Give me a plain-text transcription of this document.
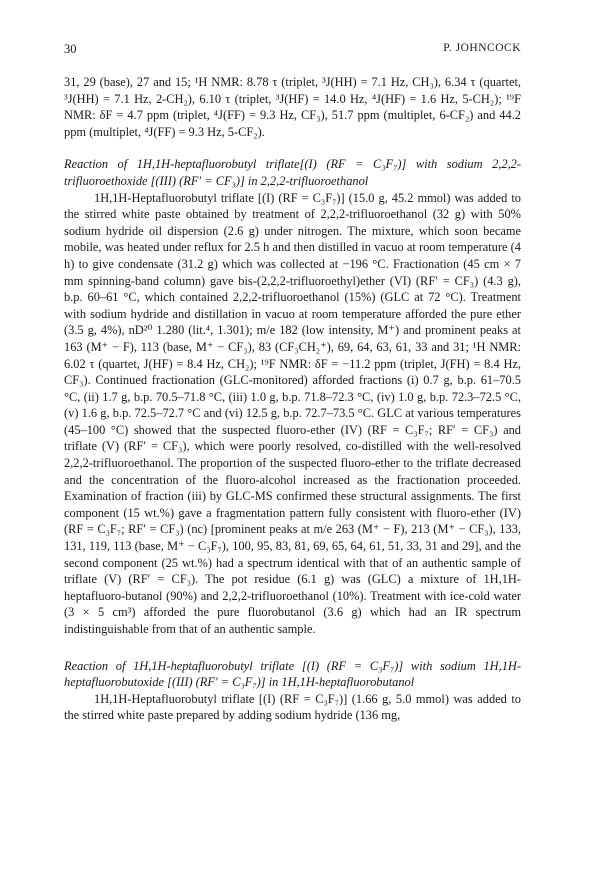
30	P. JOHNCOCK

31, 29 (base), 27 and 15; ¹H NMR: 8.78 τ (triplet, ³J(HH) = 7.1 Hz, CH₃), 6.34 τ (quartet, ³J(HH) = 7.1 Hz, 2-CH₂), 6.10 τ (triplet, ³J(HF) = 14.0 Hz, ⁴J(HF) = 1.6 Hz, 5-CH₂); ¹⁹F NMR: δF = 4.7 ppm (triplet, ⁴J(FF) = 9.3 Hz, CF₃), 51.7 ppm (multiplet, 6-CF₂) and 44.2 ppm (multiplet, ⁴J(FF) = 9.3 Hz, 5-CF₂).

Reaction of 1H,1H-heptafluorobutyl triflate[(I) (RF = C₃F₇)] with sodium 2,2,2-trifluoroethoxide [(III) (RF′ = CF₃)] in 2,2,2-trifluoroethanol

1H,1H-Heptafluorobutyl triflate [(I) (RF = C₃F₇)] (15.0 g, 45.2 mmol) was added to the stirred white paste obtained by treatment of 2,2,2-trifluoroethanol (32 g) with 50% sodium hydride oil dispersion (2.6 g) under nitrogen. The mixture, which soon became mobile, was heated under reflux for 2.5 h and then distilled in vacuo at room temperature (4 h) to give condensate (31.2 g) which was collected at −196 °C. Fractionation (45 cm × 7 mm spinning-band column) gave bis-(2,2,2-trifluoroethyl)ether (VI) (RF′ = CF₃) (4.3 g), b.p. 60–61 °C, which contained 2,2,2-trifluoroethanol (15%) (GLC at 72 °C). Treatment with sodium hydride and distillation in vacuo at room temperature afforded the pure ether (3.5 g, 4%), nD²⁰ 1.280 (lit.⁴, 1.301); m/e 182 (low intensity, M⁺) and prominent peaks at 163 (M⁺ − F), 113 (base, M⁺ − CF₃), 83 (CF₃CH₂⁺), 69, 64, 63, 61, 33 and 31; ¹H NMR: 6.02 τ (quartet, J(HF) = 8.4 Hz, CH₂); ¹⁹F NMR: δF = −11.2 ppm (triplet, J(FH) = 8.4 Hz, CF₃). Continued fractionation (GLC-monitored) afforded fractions (i) 0.7 g, b.p. 61–70.5 °C, (ii) 1.7 g, b.p. 70.5–71.8 °C, (iii) 1.0 g, b.p. 71.8–72.3 °C, (iv) 1.0 g, b.p. 72.3–72.5 °C, (v) 1.6 g, b.p. 72.5–72.7 °C and (vi) 12.5 g, b.p. 72.7–73.5 °C. GLC at various temperatures (45–100 °C) showed that the suspected fluoro-ether (IV) (RF = C₃F₇; RF′ = CF₃) and triflate (V) (RF′ = CF₃), which were poorly resolved, co-distilled with the well-resolved 2,2,2-trifluoroethanol. The proportion of the suspected fluoro-ether to the triflate decreased and the concentration of the fluoro-alcohol increased as the fractionation proceeded. Examination of fraction (iii) by GLC-MS confirmed these structural assignments. The first component (15 wt.%) gave a fragmentation pattern fully consistent with fluoro-ether (IV) (RF = C₃F₇; RF′ = CF₃) (nc) [prominent peaks at m/e 263 (M⁺ − F), 213 (M⁺ − CF₃), 133, 131, 119, 113 (base, M⁺ − C₃F₇), 100, 95, 83, 81, 69, 65, 64, 61, 51, 33, 31 and 29], and the second component (25 wt.%) had a spectrum identical with that of an authentic sample of triflate (V) (RF′ = CF₃). The pot residue (6.1 g) was (GLC) a mixture of 1H,1H-heptafluoro-butanol (90%) and 2,2,2-trifluoroethanol (10%). Treatment with ice-cold water (3 × 5 cm³) afforded the pure fluorobutanol (3.6 g) which had an IR spectrum indistinguishable from that of an authentic sample.

Reaction of 1H,1H-heptafluorobutyl triflate [(I) (RF = C₃F₇)] with sodium 1H,1H-heptafluorobutoxide [(III) (RF′ = C₃F₇)] in 1H,1H-heptafluorobutanol

1H,1H-Heptafluorobutyl triflate [(I) (RF = C₃F₇)] (1.66 g, 5.0 mmol) was added to the stirred white paste prepared by adding sodium hydride (136 mg,
